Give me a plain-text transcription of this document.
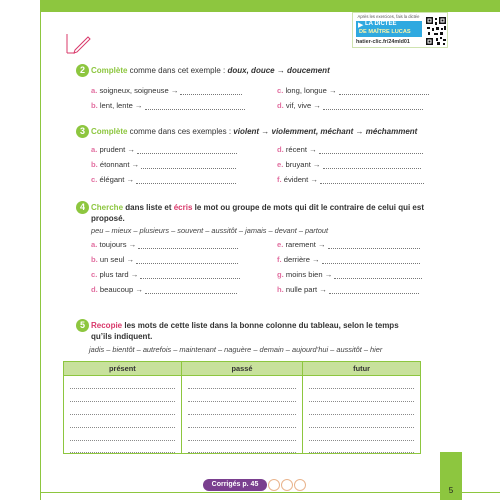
Après les exercices, fais la dictée
▶ LA DICTÉE
DE MAÎTRE LUCAS
hatier-clic.fr/24mld01
2 Complète comme dans cet exemple : doux, douce → doucement
a. soigneux, soigneuse →
b. lent, lente →
c. long, longue →
d. vif, vive →
3 Complète comme dans ces exemples : violent → violemment, méchant → méchamment
a. prudent →
b. étonnant →
c. élégant →
d. récent →
e. bruyant →
f. évident →
4 Cherche dans liste et écris le mot ou groupe de mots qui dit le contraire de celui qui est proposé.
peu – mieux – plusieurs – souvent – aussitôt – jamais – devant – partout
a. toujours →
b. un seul →
c. plus tard →
d. beaucoup →
e. rarement →
f. derrière →
g. moins bien →
h. nulle part →
5 Recopie les mots de cette liste dans la bonne colonne du tableau, selon le temps qu’ils indiquent.
jadis – bientôt – autrefois – maintenant – naguère – demain – aujourd’hui – aussitôt – hier
présent	passé	futur

Corrigés p. 45
5
